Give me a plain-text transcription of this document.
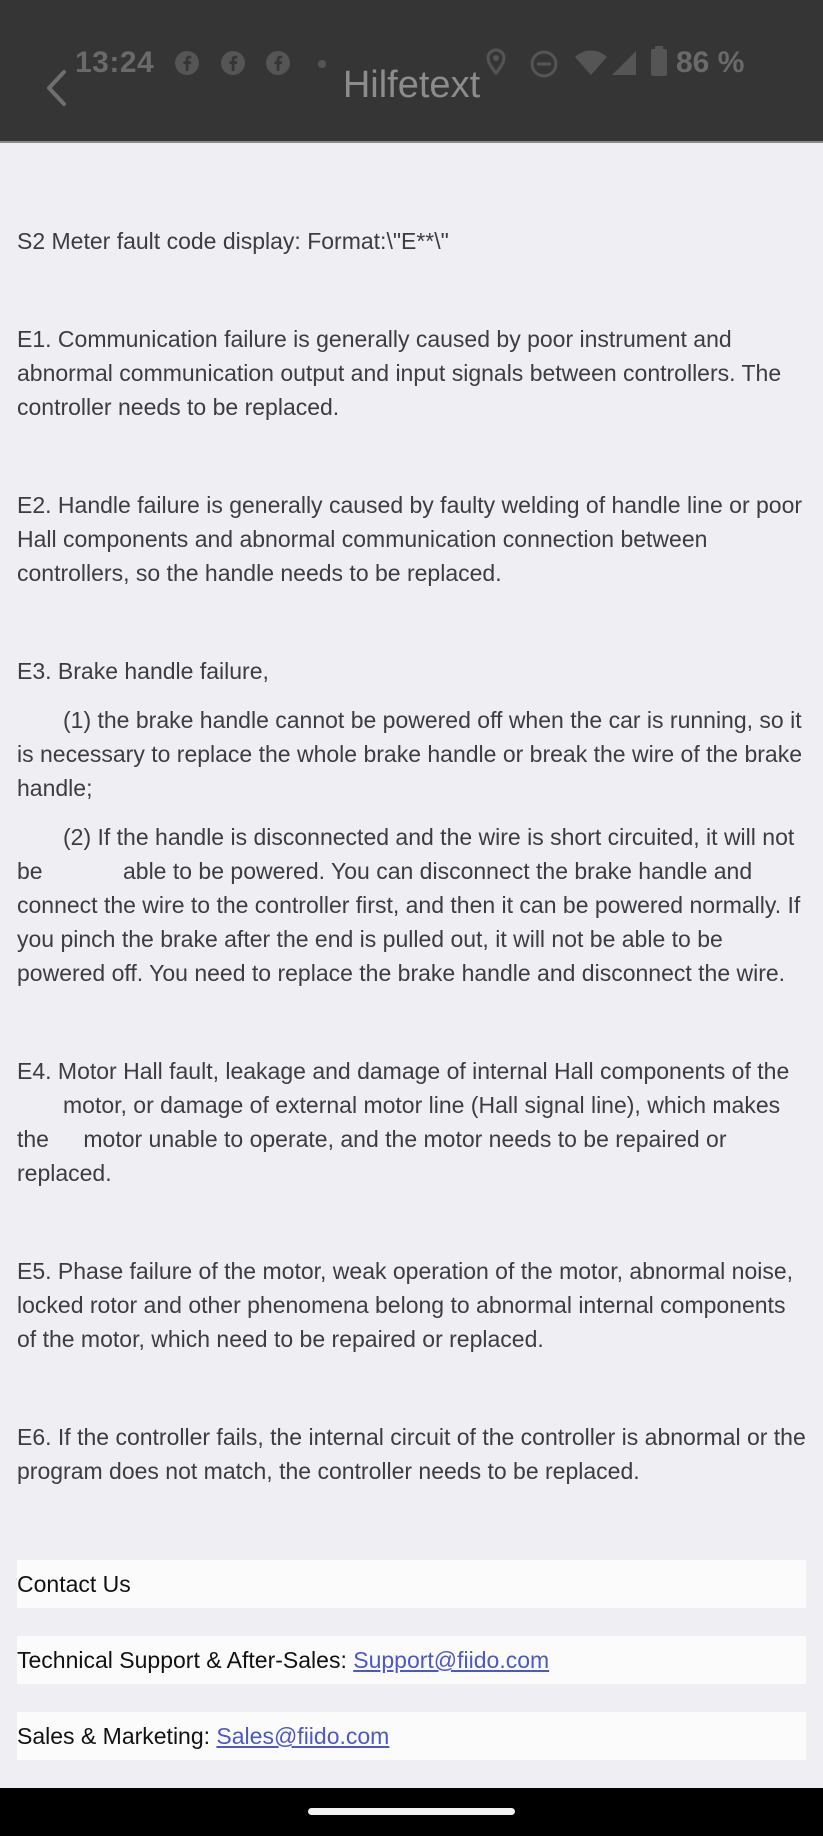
13:24	86 %
Hilfetext

S2 Meter fault code display: Format:\"E**\"

E1. Communication failure is generally caused by poor instrument and abnormal communication output and input signals between controllers. The controller needs to be replaced.

E2. Handle failure is generally caused by faulty welding of handle line or poor Hall components and abnormal communication connection between controllers, so the handle needs to be replaced.

E3. Brake handle failure,

(1) the brake handle cannot be powered off when the car is running, so it is necessary to replace the whole brake handle or break the wire of the brake handle;

(2) If the handle is disconnected and the wire is short circuited, it will not be	able to be powered. You can disconnect the brake handle and connect the wire to the controller first, and then it can be powered normally. If you pinch the brake after the end is pulled out, it will not be able to be powered off. You need to replace the brake handle and disconnect the wire.

E4. Motor Hall fault, leakage and damage of internal Hall components of the
motor, or damage of external motor line (Hall signal line), which makes the motor unable to operate, and the motor needs to be repaired or replaced.

E5. Phase failure of the motor, weak operation of the motor, abnormal noise, locked rotor and other phenomena belong to abnormal internal components of the motor, which need to be repaired or replaced.

E6. If the controller fails, the internal circuit of the controller is abnormal or the program does not match, the controller needs to be replaced.

Contact Us
Technical Support & After-Sales: Support@fiido.com
Sales & Marketing: Sales@fiido.com
